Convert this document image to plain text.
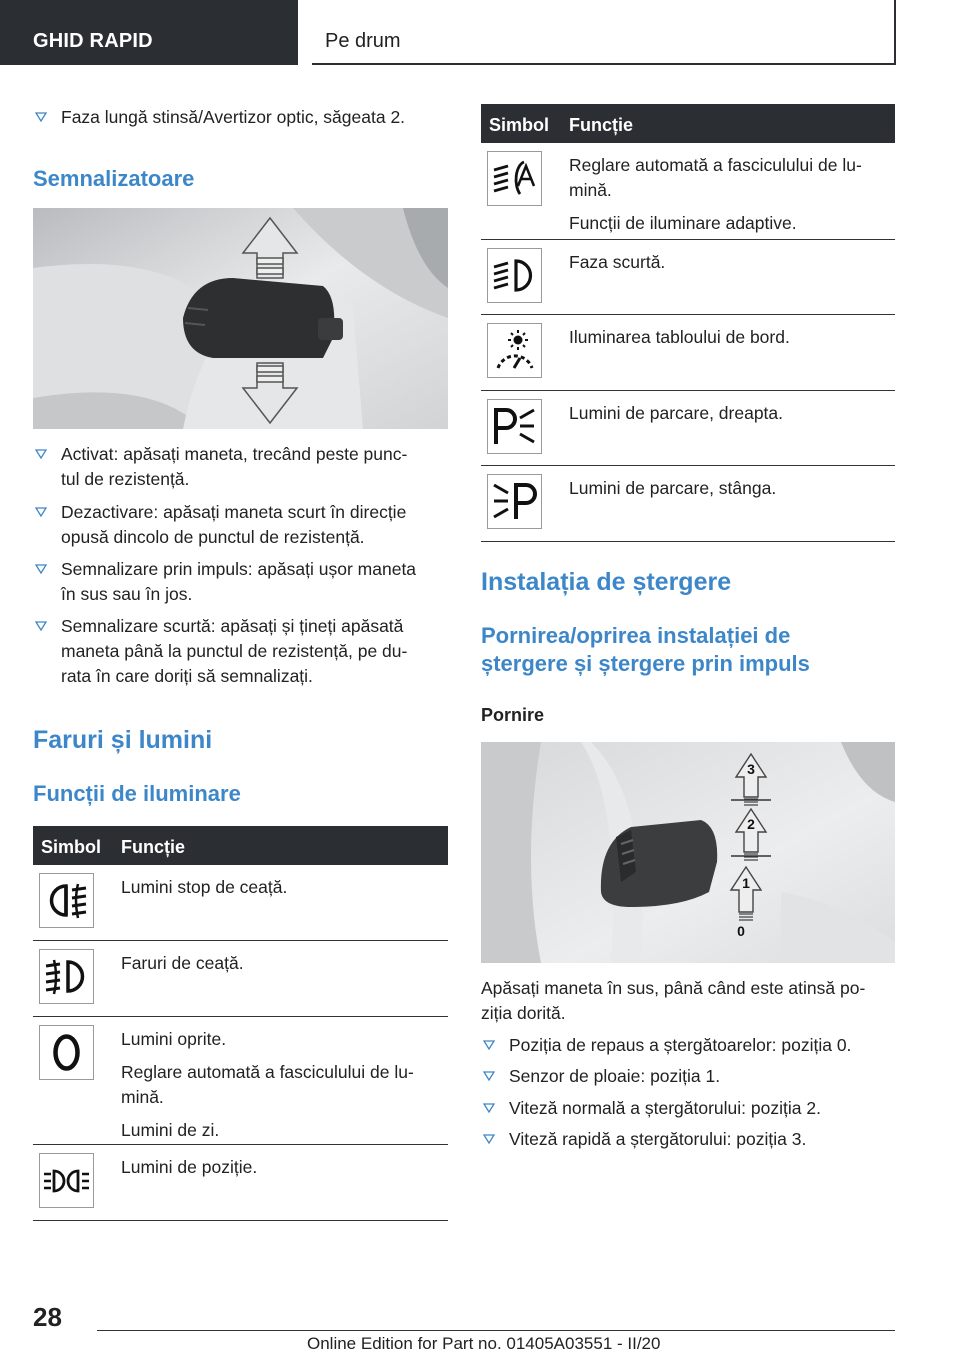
GHID RAPID	Pe drum
Faza lungă stinsă/Avertizor optic, săgeata 2.
Semnalizatoare
Activat: apăsați maneta, trecând peste punc-
tul de rezistență.
Dezactivare: apăsați maneta scurt în direcție
opusă dincolo de punctul de rezistență.
Semnalizare prin impuls: apăsați ușor maneta
în sus sau în jos.
Semnalizare scurtă: apăsați și țineți apăsată
maneta până la punctul de rezistență, pe du-
rata în care doriți să semnalizați.
Faruri și lumini
Funcții de iluminare
Simbol Funcție

Lumini stop de ceață.

Faruri de ceață.

Lumini oprite.

Reglare automată a fasciculului de lu-

mină.

Lumini de zi.

Lumini de poziție.

Simbol Funcție

Reglare automată a fasciculului de lu-

mină.

Funcții de iluminare adaptive.

Faza scurtă.

Iluminarea tabloului de bord.

Lumini de parcare, dreapta.

Lumini de parcare, stânga.

Instalația de ștergere
Pornirea/oprirea instalației de
ștergere și ștergere prin impuls
Pornire
3
2
1
0
Apăsați maneta în sus, până când este atinsă po-
ziția dorită.
Poziția de repaus a ștergătoarelor: poziția 0.
Senzor de ploaie: poziția 1.
Viteză normală a ștergătorului: poziția 2.
Viteză rapidă a ștergătorului: poziția 3.
28
Online Edition for Part no. 01405A03551 - II/20
